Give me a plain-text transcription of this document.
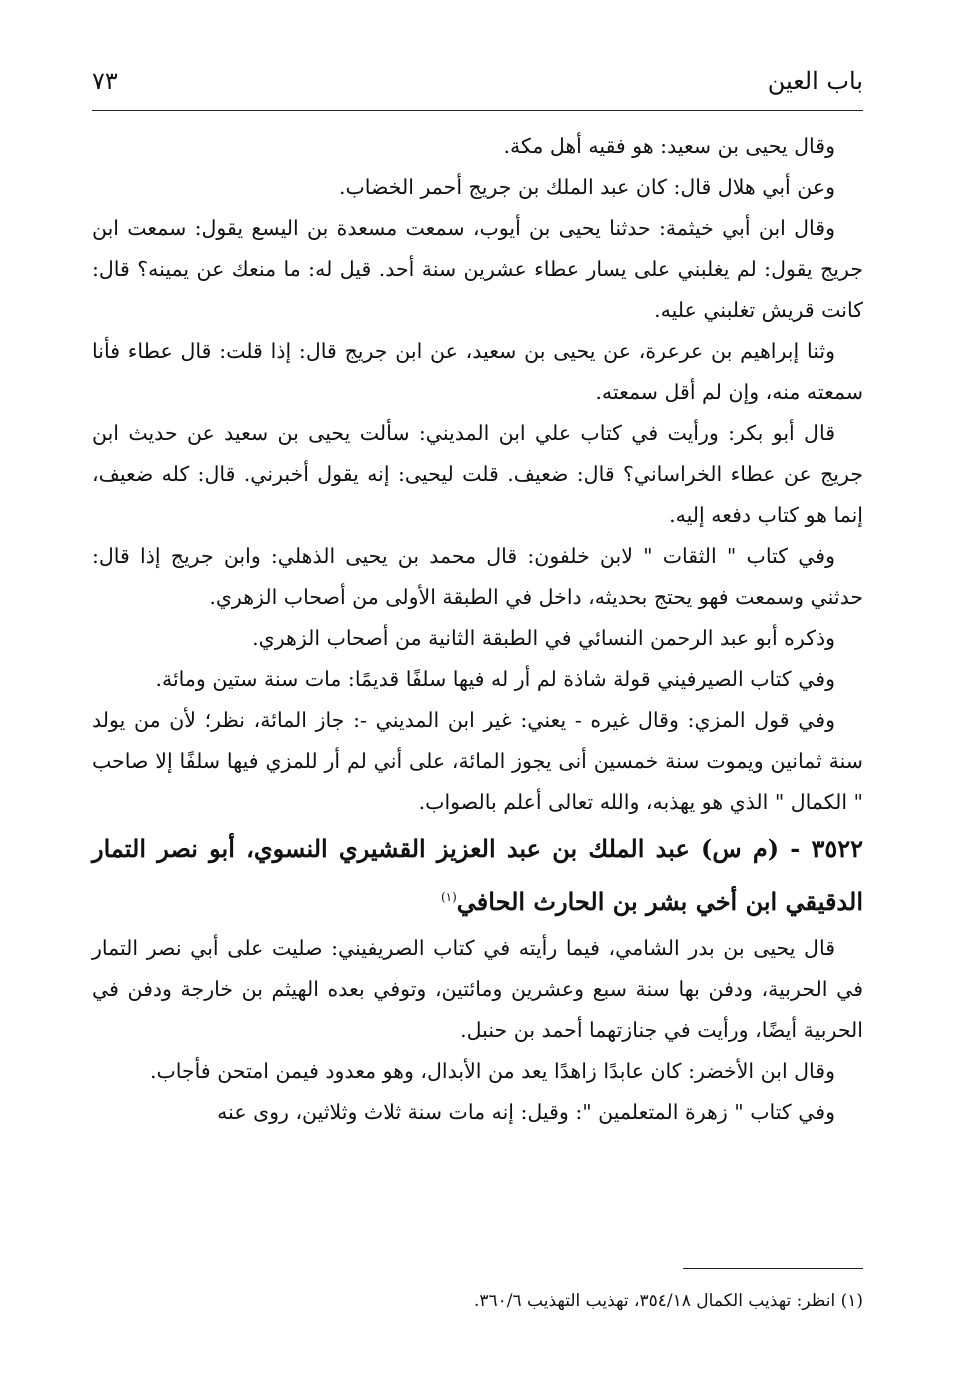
باب العين
٧٣

وقال يحيى بن سعيد: هو فقيه أهل مكة.

وعن أبي هلال قال: كان عبد الملك بن جريج أحمر الخضاب.

وقال ابن أبي خيثمة: حدثنا يحيى بن أيوب، سمعت مسعدة بن اليسع يقول: سمعت ابن جريج يقول: لم يغلبني على يسار عطاء عشرين سنة أحد. قيل له: ما منعك عن يمينه؟ قال: كانت قريش تغلبني عليه.

وثنا إبراهيم بن عرعرة، عن يحيى بن سعيد، عن ابن جريج قال: إذا قلت: قال عطاء فأنا سمعته منه، وإن لم أقل سمعته.

قال أبو بكر: ورأيت في كتاب علي ابن المديني: سألت يحيى بن سعيد عن حديث ابن جريج عن عطاء الخراساني؟ قال: ضعيف. قلت ليحيى: إنه يقول أخبرني. قال: كله ضعيف، إنما هو كتاب دفعه إليه.

وفي كتاب " الثقات " لابن خلفون: قال محمد بن يحيى الذهلي: وابن جريج إذا قال: حدثني وسمعت فهو يحتج بحديثه، داخل في الطبقة الأولى من أصحاب الزهري.

وذكره أبو عبد الرحمن النسائي في الطبقة الثانية من أصحاب الزهري.

وفي كتاب الصيرفيني قولة شاذة لم أر له فيها سلفًا قديمًا: مات سنة ستين ومائة.

وفي قول المزي: وقال غيره - يعني: غير ابن المديني -: جاز المائة، نظر؛ لأن من يولد سنة ثمانين ويموت سنة خمسين أنى يجوز المائة، على أني لم أر للمزي فيها سلفًا إلا صاحب " الكمال " الذي هو يهذبه، والله تعالى أعلم بالصواب.

٣٥٢٢ - (م س) عبد الملك بن عبد العزيز القشيري النسوي، أبو نصر التمار الدقيقي ابن أخي بشر بن الحارث الحافي$^{(١)}$

قال يحيى بن بدر الشامي، فيما رأيته في كتاب الصريفيني: صليت على أبي نصر التمار في الحربية، ودفن بها سنة سبع وعشرين ومائتين، وتوفي بعده الهيثم بن خارجة ودفن في الحربية أيضًا، ورأيت في جنازتهما أحمد بن حنبل.

وقال ابن الأخضر: كان عابدًا زاهدًا يعد من الأبدال، وهو معدود فيمن امتحن فأجاب.

وفي كتاب " زهرة المتعلمين ": وقيل: إنه مات سنة ثلاث وثلاثين، روى عنه

(١) انظر: تهذيب الكمال ٣٥٤/١٨، تهذيب التهذيب ٣٦٠/٦.
